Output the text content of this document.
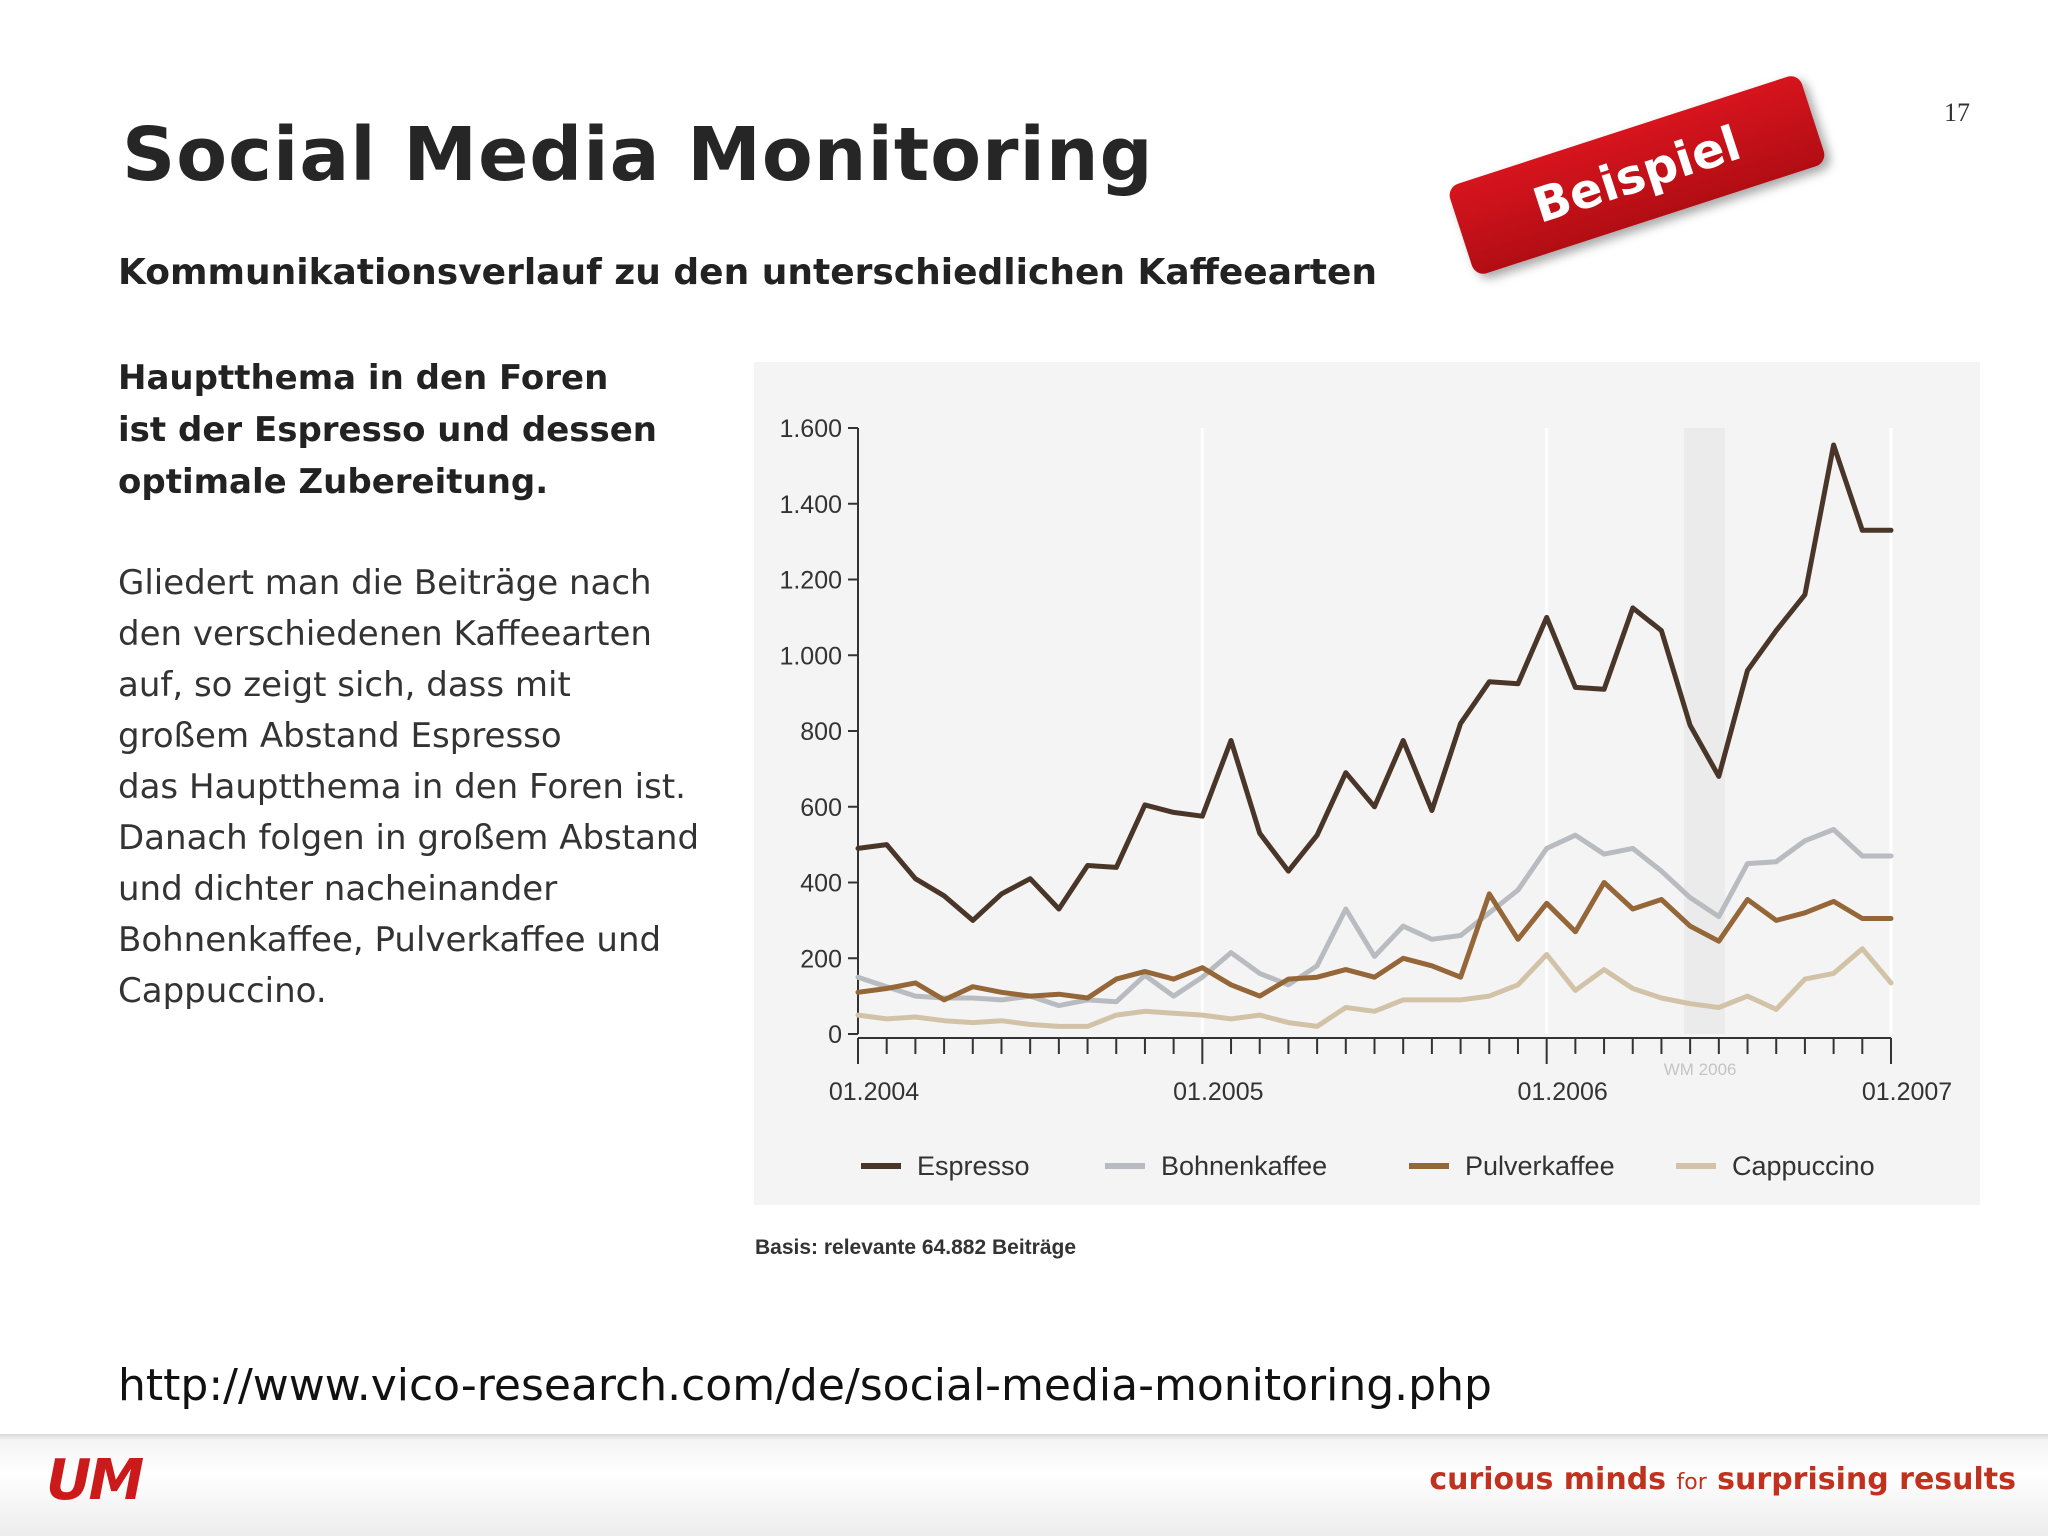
Social Media Monitoring	17
Beispiel
Kommunikationsverlauf zu den unterschiedlichen Kaffeearten

Hauptthema in den Foren
ist der Espresso und dessen
optimale Zubereitung.

Gliedert man die Beiträge nach
den verschiedenen Kaffeearten
auf, so zeigt sich, dass mit
großem Abstand Espresso
das Hauptthema in den Foren ist.
Danach folgen in großem Abstand
und dichter nacheinander
Bohnenkaffee, Pulverkaffee und
Cappuccino.

0
200
400
600
800
1.000
1.200
1.400
1.600
01.2004	01.2005	01.2006	01.2007
WM 2006
Espresso	Bohnenkaffee	Pulverkaffee	Cappuccino
Basis: relevante 64.882 Beiträge
http://www.vico-research.com/de/social-media-monitoring.php
UM	curious minds for surprising results
